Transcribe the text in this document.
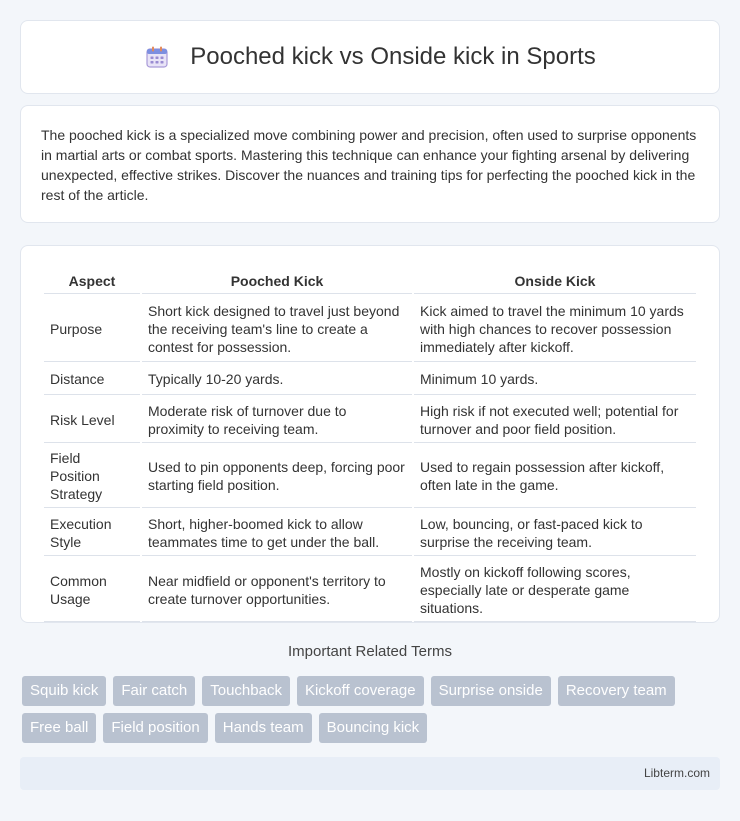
Pooched kick vs Onside kick in Sports

The pooched kick is a specialized move combining power and precision, often used to surprise opponents in martial arts or combat sports. Mastering this technique can enhance your fighting arsenal by delivering unexpected, effective strikes. Discover the nuances and training tips for perfecting the pooched kick in the rest of the article.

Aspect	Pooched Kick	Onside Kick
Purpose	Short kick designed to travel just beyond the receiving team's line to create a contest for possession.	Kick aimed to travel the minimum 10 yards with high chances to recover possession immediately after kickoff.
Distance	Typically 10-20 yards.	Minimum 10 yards.
Risk Level	Moderate risk of turnover due to proximity to receiving team.	High risk if not executed well; potential for turnover and poor field position.
Field Position Strategy	Used to pin opponents deep, forcing poor starting field position.	Used to regain possession after kickoff, often late in the game.
Execution Style	Short, higher-boomed kick to allow teammates time to get under the ball.	Low, bouncing, or fast-paced kick to surprise the receiving team.
Common Usage	Near midfield or opponent's territory to create turnover opportunities.	Mostly on kickoff following scores, especially late or desperate game situations.
Important Related Terms
Squib kick	Fair catch	Touchback	Kickoff coverage	Surprise onside	Recovery team
Free ball	Field position	Hands team	Bouncing kick
Libterm.com
